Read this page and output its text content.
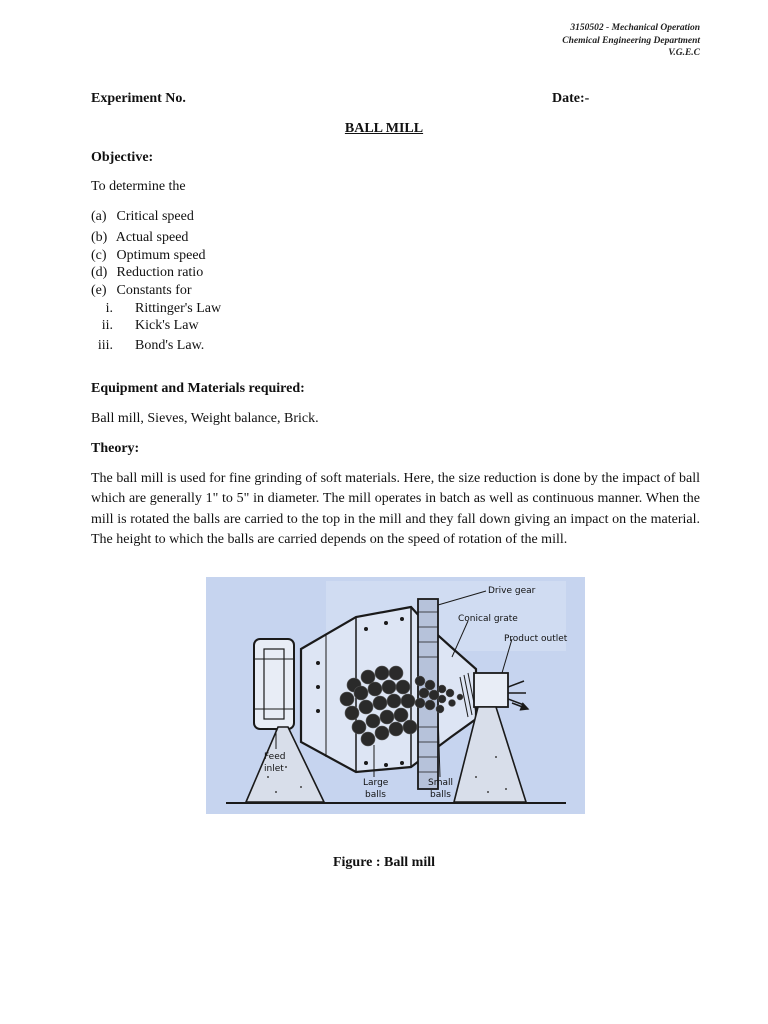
3150502 - Mechanical Operation
Chemical Engineering Department
V.G.E.C
Experiment No.	Date:-
BALL MILL
Objective:
To determine the
(a) Critical speed
(b) Actual speed
(c) Optimum speed
(d) Reduction ratio
(e) Constants for
i. Rittinger's Law
ii. Kick's Law
iii. Bond's Law.
Equipment and Materials required:
Ball mill, Sieves, Weight balance, Brick.
Theory:
The ball mill is used for fine grinding of soft materials. Here, the size reduction is done by the impact of ball which are generally 1" to 5" in diameter. The mill operates in batch as well as continuous manner. When the mill is rotated the balls are carried to the top in the mill and they fall down giving an impact on the material. The height to which the balls are carried depends on the speed of rotation of the mill.
Drive gear
Conical grate
Product outlet
Feed
inlet
Large
balls
Small
balls
Figure : Ball mill
